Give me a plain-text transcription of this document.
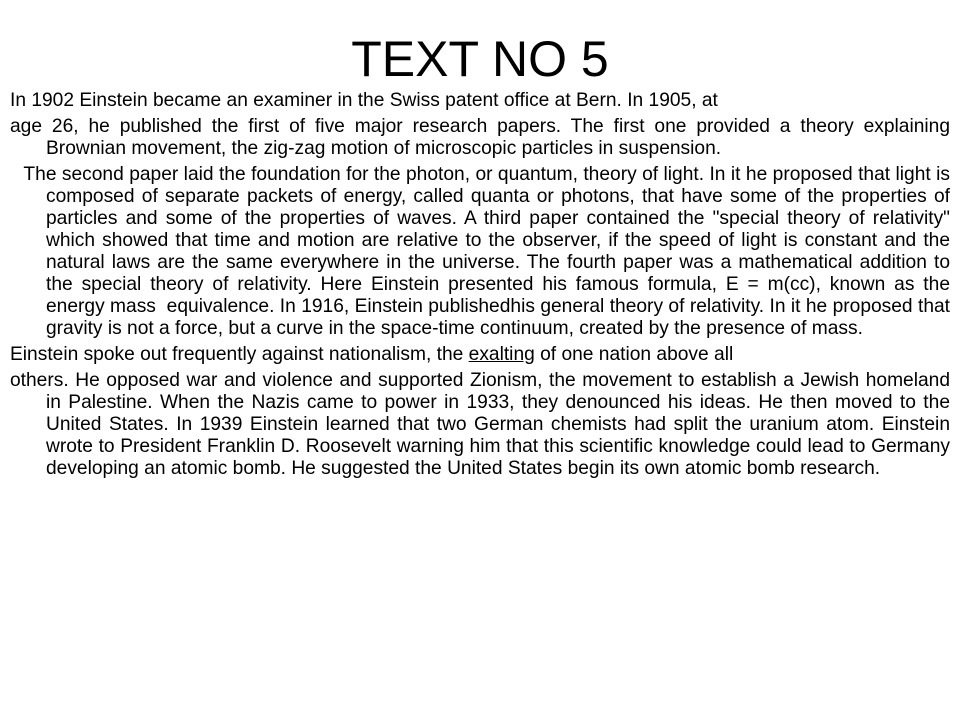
TEXT NO 5

In 1902 Einstein became an examiner in the Swiss patent office at Bern. In 1905, at

age 26, he published the first of five major research papers. The first one provided a theory explaining Brownian movement, the zig-zag motion of microscopic particles in suspension.

The second paper laid the foundation for the photon, or quantum, theory of light. In it he proposed that light is composed of separate packets of energy, called quanta or photons, that have some of the properties of particles and some of the properties of waves. A third paper contained the "special theory of relativity" which showed that time and motion are relative to the observer, if the speed of light is constant and the natural laws are the same everywhere in the universe. The fourth paper was a mathematical addition to the special theory of relativity. Here Einstein presented his famous formula, E = m(cc), known as the energy mass  equivalence. In 1916, Einstein publishedhis general theory of relativity. In it he proposed that gravity is not a force, but a curve in the space-time continuum, created by the presence of mass.

Einstein spoke out frequently against nationalism, the exalting of one nation above all

others. He opposed war and violence and supported Zionism, the movement to establish a Jewish homeland in Palestine. When the Nazis came to power in 1933, they denounced his ideas. He then moved to the United States. In 1939 Einstein learned that two German chemists had split the uranium atom. Einstein wrote to President Franklin D. Roosevelt warning him that this scientific knowledge could lead to Germany developing an atomic bomb. He suggested the United States begin its own atomic bomb research.
